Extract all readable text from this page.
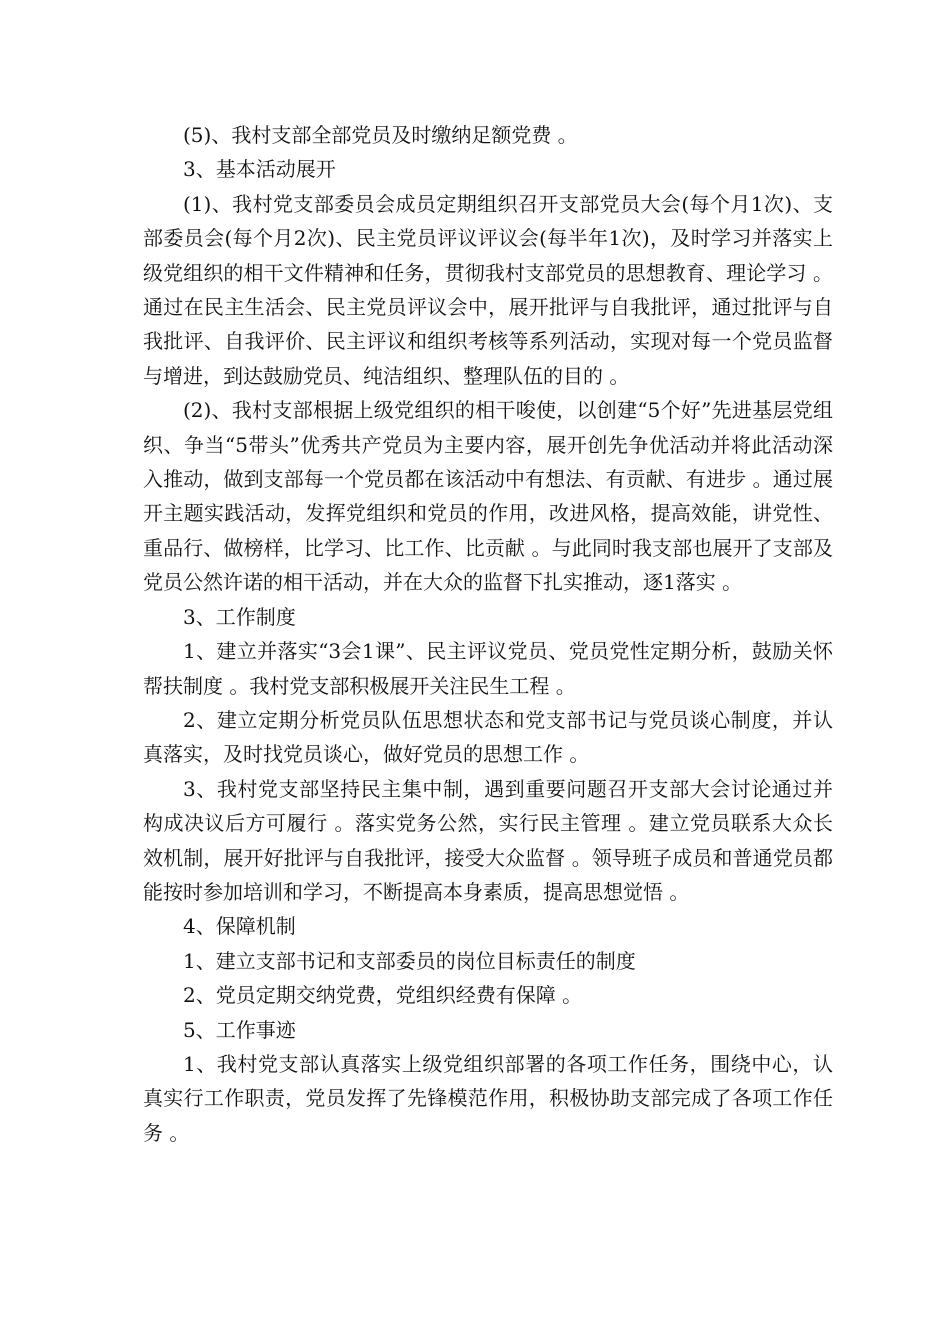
(5)、我村支部全部党员及时缴纳足额党费 。

3、基本活动展开

(1)、我村党支部委员会成员定期组织召开支部党员大会(每个月1次)、支部委员会(每个月2次)、民主党员评议评议会(每半年1次)，及时学习并落实上级党组织的相干文件精神和任务，贯彻我村支部党员的思想教育、理论学习 。通过在民主生活会、民主党员评议会中，展开批评与自我批评，通过批评与自我批评、自我评价、民主评议和组织考核等系列活动，实现对每一个党员监督与增进，到达鼓励党员、纯洁组织、整理队伍的目的 。

(2)、我村支部根据上级党组织的相干唆使，以创建“5个好”先进基层党组织、争当“5带头”优秀共产党员为主要内容，展开创先争优活动并将此活动深入推动，做到支部每一个党员都在该活动中有想法、有贡献、有进步 。通过展开主题实践活动，发挥党组织和党员的作用，改进风格，提高效能，讲党性、重品行、做榜样，比学习、比工作、比贡献 。与此同时我支部也展开了支部及党员公然许诺的相干活动，并在大众的监督下扎实推动，逐1落实 。

3、工作制度

1、建立并落实“3会1课”、民主评议党员、党员党性定期分析，鼓励关怀帮扶制度 。我村党支部积极展开关注民生工程 。

2、建立定期分析党员队伍思想状态和党支部书记与党员谈心制度，并认真落实，及时找党员谈心，做好党员的思想工作 。

3、我村党支部坚持民主集中制，遇到重要问题召开支部大会讨论通过并构成决议后方可履行 。落实党务公然，实行民主管理 。建立党员联系大众长效机制，展开好批评与自我批评，接受大众监督 。领导班子成员和普通党员都能按时参加培训和学习，不断提高本身素质，提高思想觉悟 。

4、保障机制

1、建立支部书记和支部委员的岗位目标责任的制度

2、党员定期交纳党费，党组织经费有保障 。

5、工作事迹

1、我村党支部认真落实上级党组织部署的各项工作任务，围绕中心，认真实行工作职责，党员发挥了先锋模范作用，积极协助支部完成了各项工作任务 。
